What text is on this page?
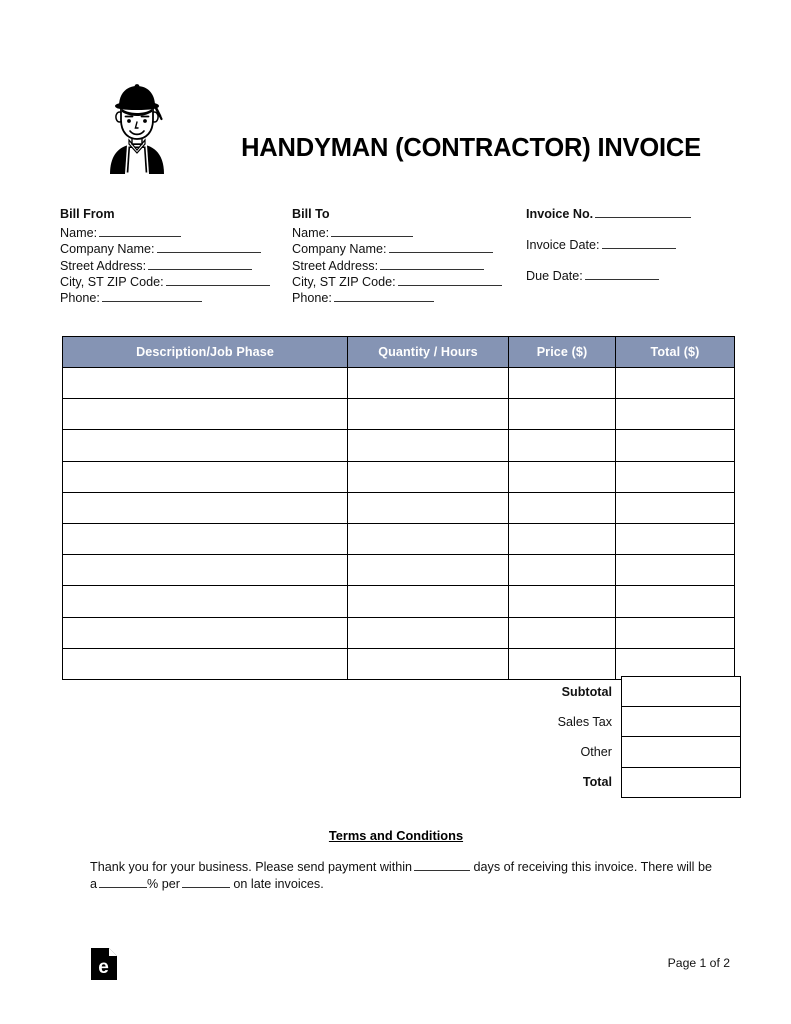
HANDYMAN (CONTRACTOR) INVOICE
Bill From
Name:
Company Name:
Street Address:
City, ST ZIP Code:
Phone:
Bill To
Name:
Company Name:
Street Address:
City, ST ZIP Code:
Phone:
Invoice No.
Invoice Date:
Due Date:
Description/Job Phase	Quantity / Hours	Price ($)	Total ($)

Subtotal	
Sales Tax	
Other	
Total	
Terms and Conditions
Thank you for your business. Please send payment within	days of receiving this invoice. There will be a	% per	on late invoices.
e	Page 1 of 2
